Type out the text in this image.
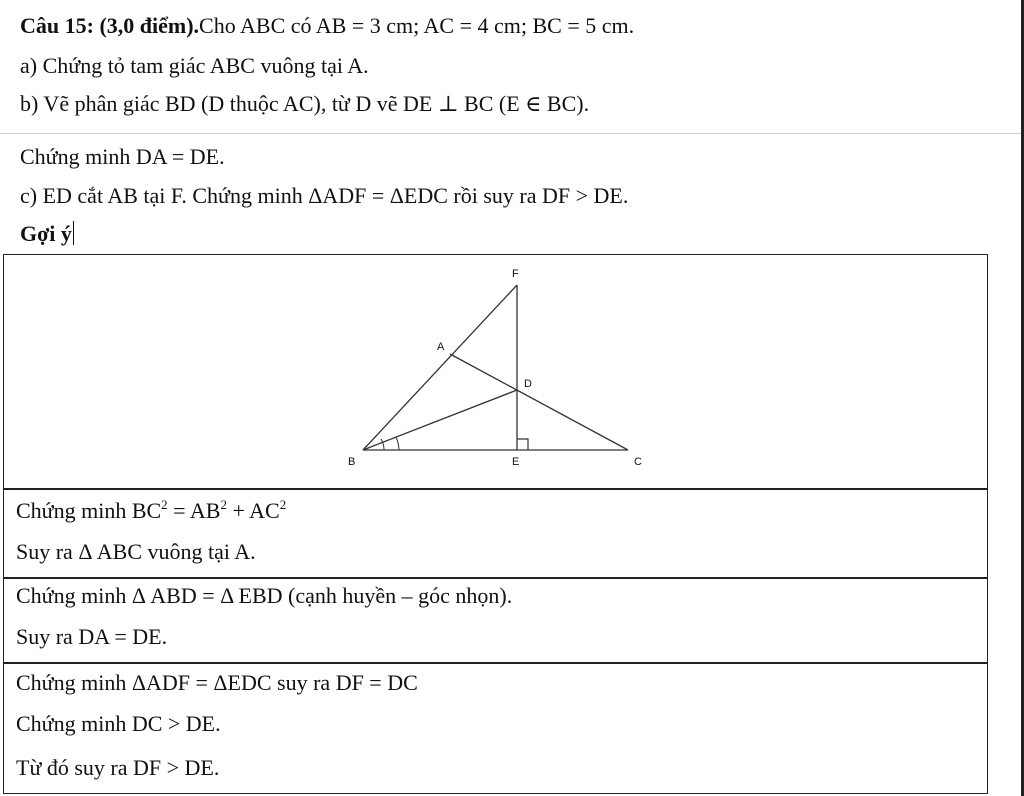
Câu 15: (3,0 điểm).Cho ABC có AB = 3 cm; AC = 4 cm; BC = 5 cm.
a) Chứng tỏ tam giác ABC vuông tại A.
b) Vẽ phân giác BD (D thuộc AC), từ D vẽ DE ⊥ BC (E ∈ BC).
Chứng minh DA = DE.
c) ED cắt AB tại F. Chứng minh ΔADF = ΔEDC rồi suy ra DF > DE.
Gợi ý
F
A
D
B	E	C
Chứng minh $BC^2 = AB^2 + AC^2$
Suy ra Δ ABC vuông tại A.
Chứng minh Δ ABD = Δ EBD (cạnh huyền – góc nhọn).
Suy ra DA = DE.
Chứng minh ΔADF = ΔEDC suy ra DF = DC
Chứng minh DC > DE.
Từ đó suy ra DF > DE.
